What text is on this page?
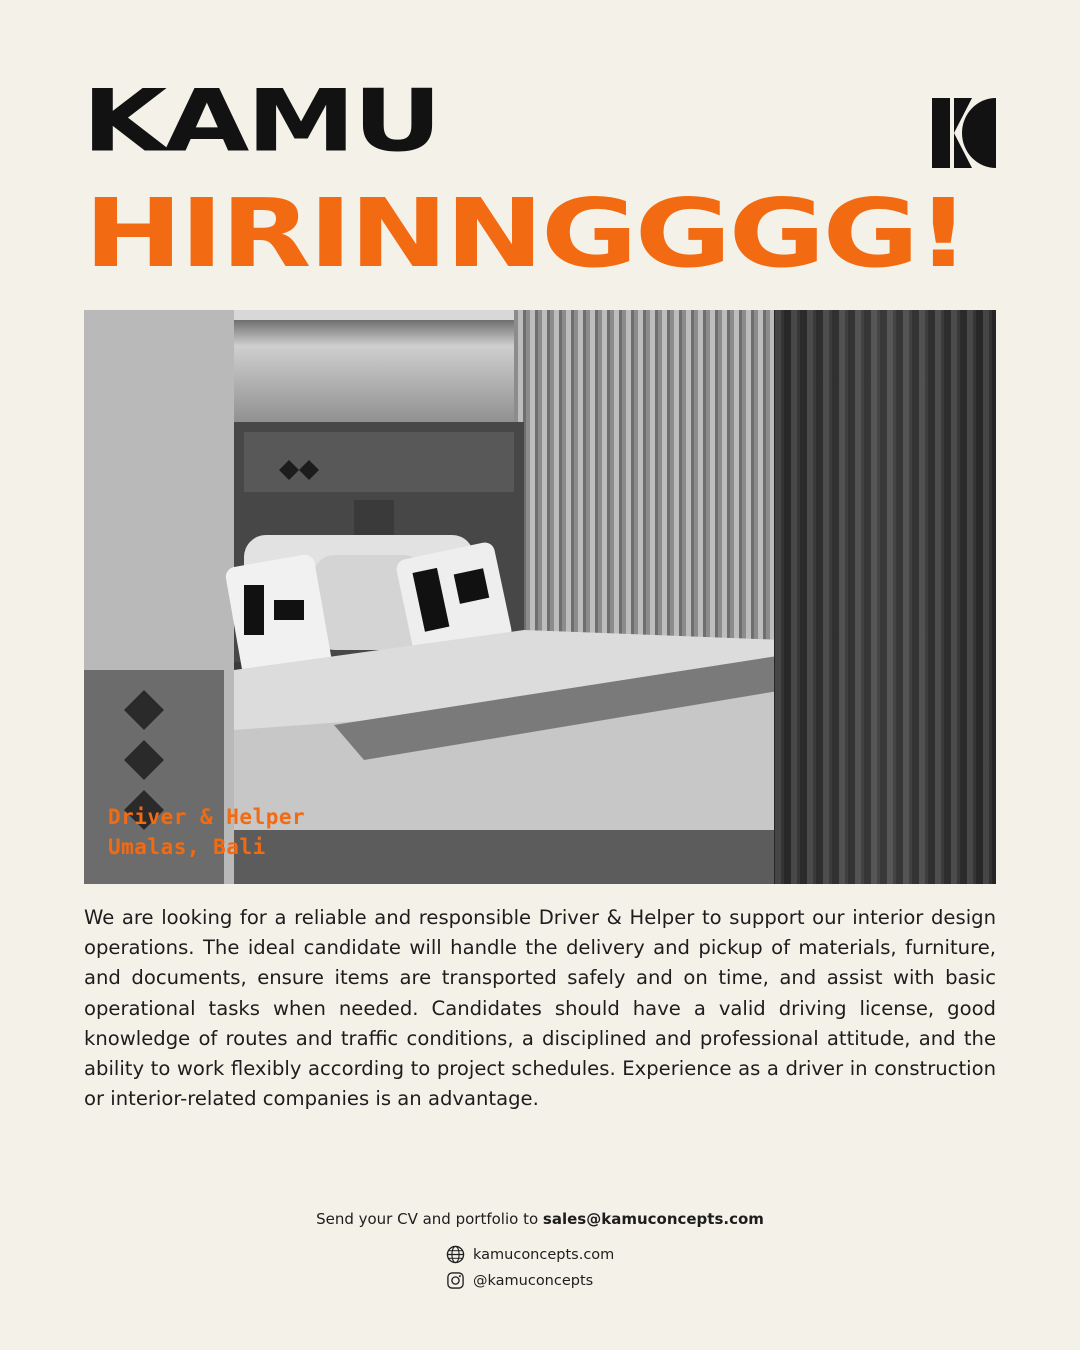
KAMU
HIRINNGGGG!
Driver & Helper
Umalas, Bali

We are looking for a reliable and responsible Driver & Helper to support our interior design operations. The ideal candidate will handle the delivery and pickup of materials, furniture, and documents, ensure items are transported safely and on time, and assist with basic operational tasks when needed. Candidates should have a valid driving license, good knowledge of routes and traffic conditions, a disciplined and professional attitude, and the ability to work flexibly according to project schedules. Experience as a driver in construction or interior-related companies is an advantage.

Send your CV and portfolio to sales@kamuconcepts.com
kamuconcepts.com
@kamuconcepts
